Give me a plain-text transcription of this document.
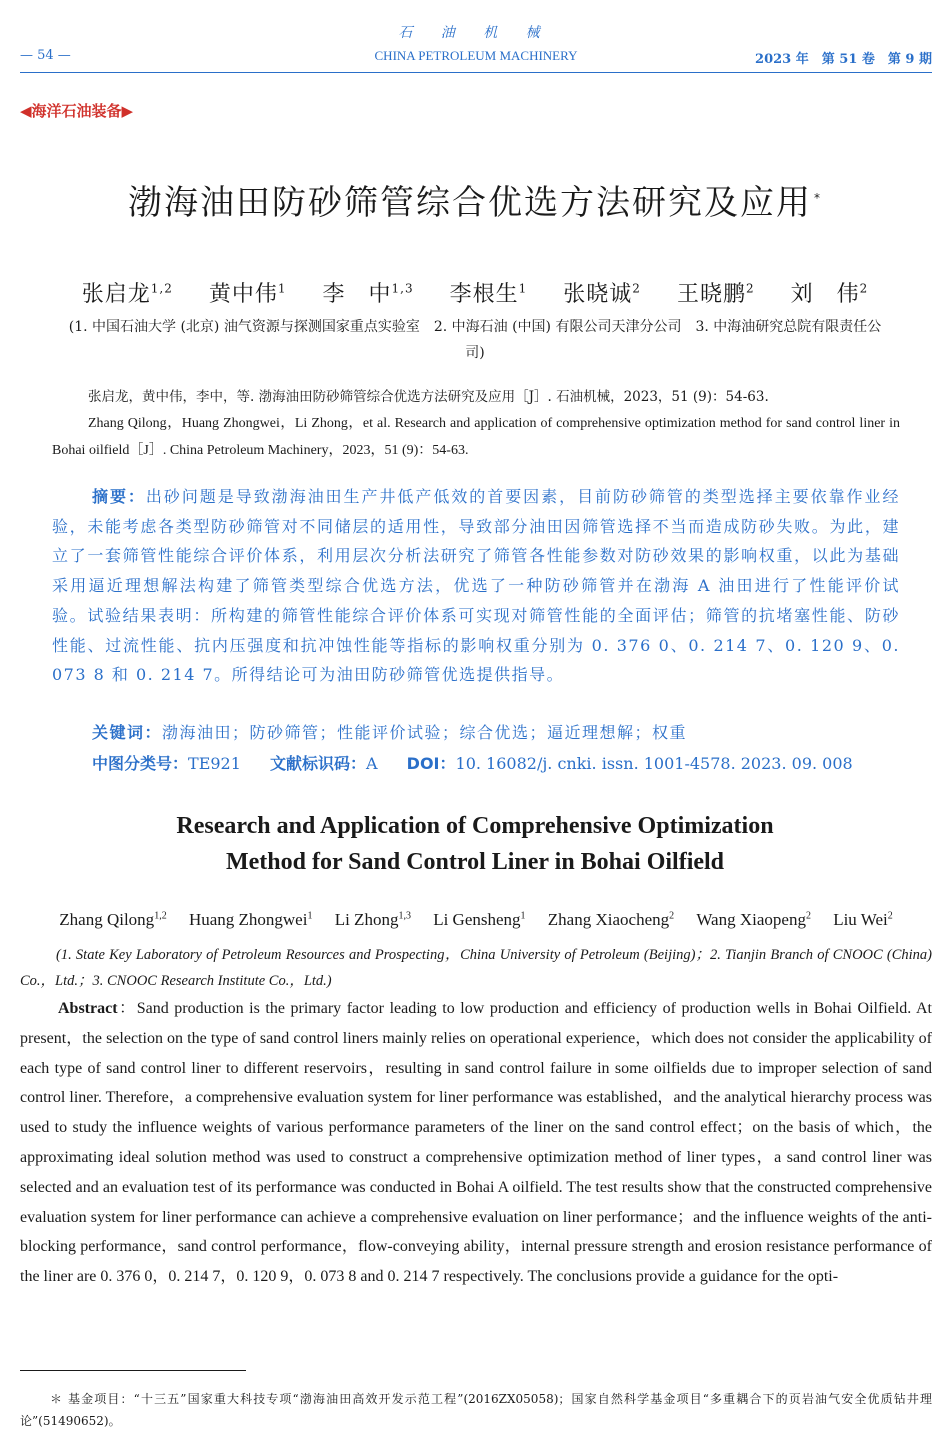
石 油 机 械
CHINA PETROLEUM MACHINERY
— 54 —	2023 年　第 51 卷　第 9 期
◀海洋石油装备▶
渤海油田防砂筛管综合优选方法研究及应用 *
张启龙$^{1,2}$ 黄中伟$^1$ 李　中$^{1,3}$ 李根生$^1$ 张晓诚$^2$ 王晓鹏$^2$ 刘　伟$^2$
(1. 中国石油大学 (北京) 油气资源与探测国家重点实验室　2. 中海石油 (中国) 有限公司天津分公司　3. 中海油研究总院有限责任公司)
张启龙，黄中伟，李中，等. 渤海油田防砂筛管综合优选方法研究及应用［J］. 石油机械，2023，51 (9)：54-63.
Zhang Qilong，Huang Zhongwei，Li Zhong，et al. Research and application of comprehensive optimization method for sand control liner in Bohai oilfield［J］. China Petroleum Machinery，2023，51 (9)：54-63.
摘要：出砂问题是导致渤海油田生产井低产低效的首要因素，目前防砂筛管的类型选择主要依靠作业经验，未能考虑各类型防砂筛管对不同储层的适用性，导致部分油田因筛管选择不当而造成防砂失败。为此，建立了一套筛管性能综合评价体系，利用层次分析法研究了筛管各性能参数对防砂效果的影响权重，以此为基础采用逼近理想解法构建了筛管类型综合优选方法，优选了一种防砂筛管并在渤海 A 油田进行了性能评价试验。试验结果表明：所构建的筛管性能综合评价体系可实现对筛管性能的全面评估；筛管的抗堵塞性能、防砂性能、过流性能、抗内压强度和抗冲蚀性能等指标的影响权重分别为 0. 376 0、0. 214 7、0. 120 9、0. 073 8 和 0. 214 7。所得结论可为油田防砂筛管优选提供指导。
关键词：渤海油田；防砂筛管；性能评价试验；综合优选；逼近理想解；权重
中图分类号：TE921 文献标识码：A DOI：10. 16082/j. cnki. issn. 1001-4578. 2023. 09. 008
Research and Application of Comprehensive Optimization
Method for Sand Control Liner in Bohai Oilfield
Zhang Qilong$^{1,2}$ Huang Zhongwei$^1$ Li Zhong$^{1,3}$ Li Gensheng$^1$ Zhang Xiaocheng$^2$ Wang Xiaopeng$^2$ Liu Wei$^2$
(1. State Key Laboratory of Petroleum Resources and Prospecting，China University of Petroleum (Beijing)；2. Tianjin Branch of CNOOC (China) Co.，Ltd.；3. CNOOC Research Institute Co.，Ltd.)
Abstract：Sand production is the primary factor leading to low production and efficiency of production wells in Bohai Oilfield. At present，the selection on the type of sand control liners mainly relies on operational experience，which does not consider the applicability of each type of sand control liner to different reservoirs，resulting in sand control failure in some oilfields due to improper selection of sand control liner. Therefore，a comprehensive evaluation system for liner performance was established，and the analytical hierarchy process was used to study the influence weights of various performance parameters of the liner on the sand control effect；on the basis of which，the approximating ideal solution method was used to construct a comprehensive optimization method of liner types，a sand control liner was selected and an evaluation test of its performance was conducted in Bohai A oilfield. The test results show that the constructed comprehensive evaluation system for liner performance can achieve a comprehensive evaluation on liner performance；and the influence weights of the anti-blocking performance，sand control performance，flow-conveying ability，internal pressure strength and erosion resistance performance of the liner are 0. 376 0，0. 214 7，0. 120 9，0. 073 8 and 0. 214 7 respectively. The conclusions provide a guidance for the opti-
＊ 基金项目：“十三五”国家重大科技专项“渤海油田高效开发示范工程”(2016ZX05058)；国家自然科学基金项目“多重耦合下的页岩油气安全优质钻井理论”(51490652)。
